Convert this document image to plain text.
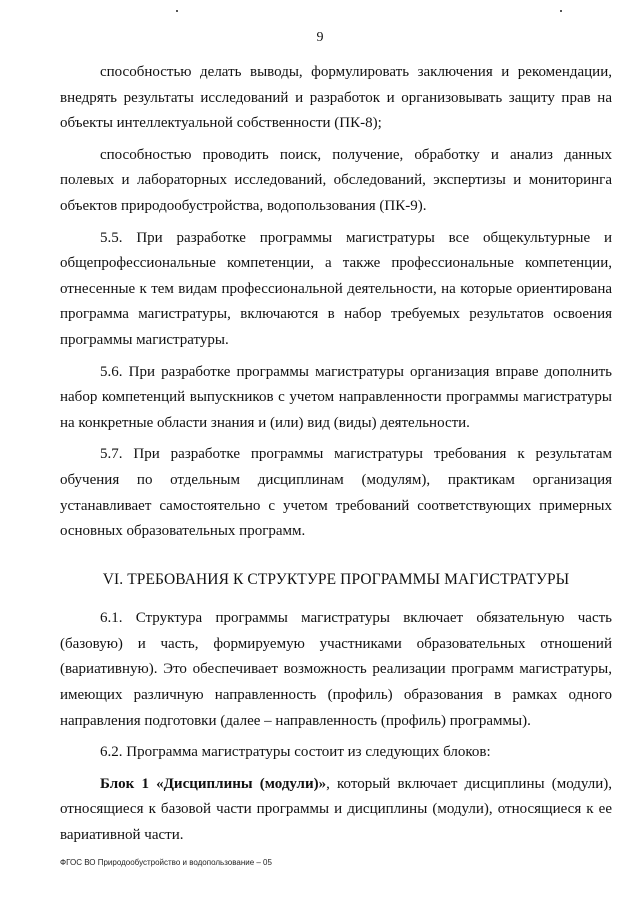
9

способностью делать выводы, формулировать заключения и рекомендации, внедрять результаты исследований и разработок и организовывать защиту прав на объекты интеллектуальной собственности (ПК-8);

способностью проводить поиск, получение, обработку и анализ данных полевых и лабораторных исследований, обследований, экспертизы и мониторинга объектов природообустройства, водопользования (ПК-9).

5.5. При разработке программы магистратуры все общекультурные и общепрофессиональные компетенции, а также профессиональные компетенции, отнесенные к тем видам профессиональной деятельности, на которые ориентирована программа магистратуры, включаются в набор требуемых результатов освоения программы магистратуры.

5.6. При разработке программы магистратуры организация вправе дополнить набор компетенций выпускников с учетом направленности программы магистратуры на конкретные области знания и (или) вид (виды) деятельности.

5.7. При разработке программы магистратуры требования к результатам обучения по отдельным дисциплинам (модулям), практикам организация устанавливает самостоятельно с учетом требований соответствующих примерных основных образовательных программ.

VI. ТРЕБОВАНИЯ К СТРУКТУРЕ ПРОГРАММЫ МАГИСТРАТУРЫ

6.1. Структура программы магистратуры включает обязательную часть (базовую) и часть, формируемую участниками образовательных отношений (вариативную). Это обеспечивает возможность реализации программ магистратуры, имеющих различную направленность (профиль) образования в рамках одного направления подготовки (далее – направленность (профиль) программы).

6.2. Программа магистратуры состоит из следующих блоков:

Блок 1 «Дисциплины (модули)», который включает дисциплины (модули), относящиеся к базовой части программы и дисциплины (модули), относящиеся к ее вариативной части.

ФГОС ВО Природообустройство и водопользование – 05
